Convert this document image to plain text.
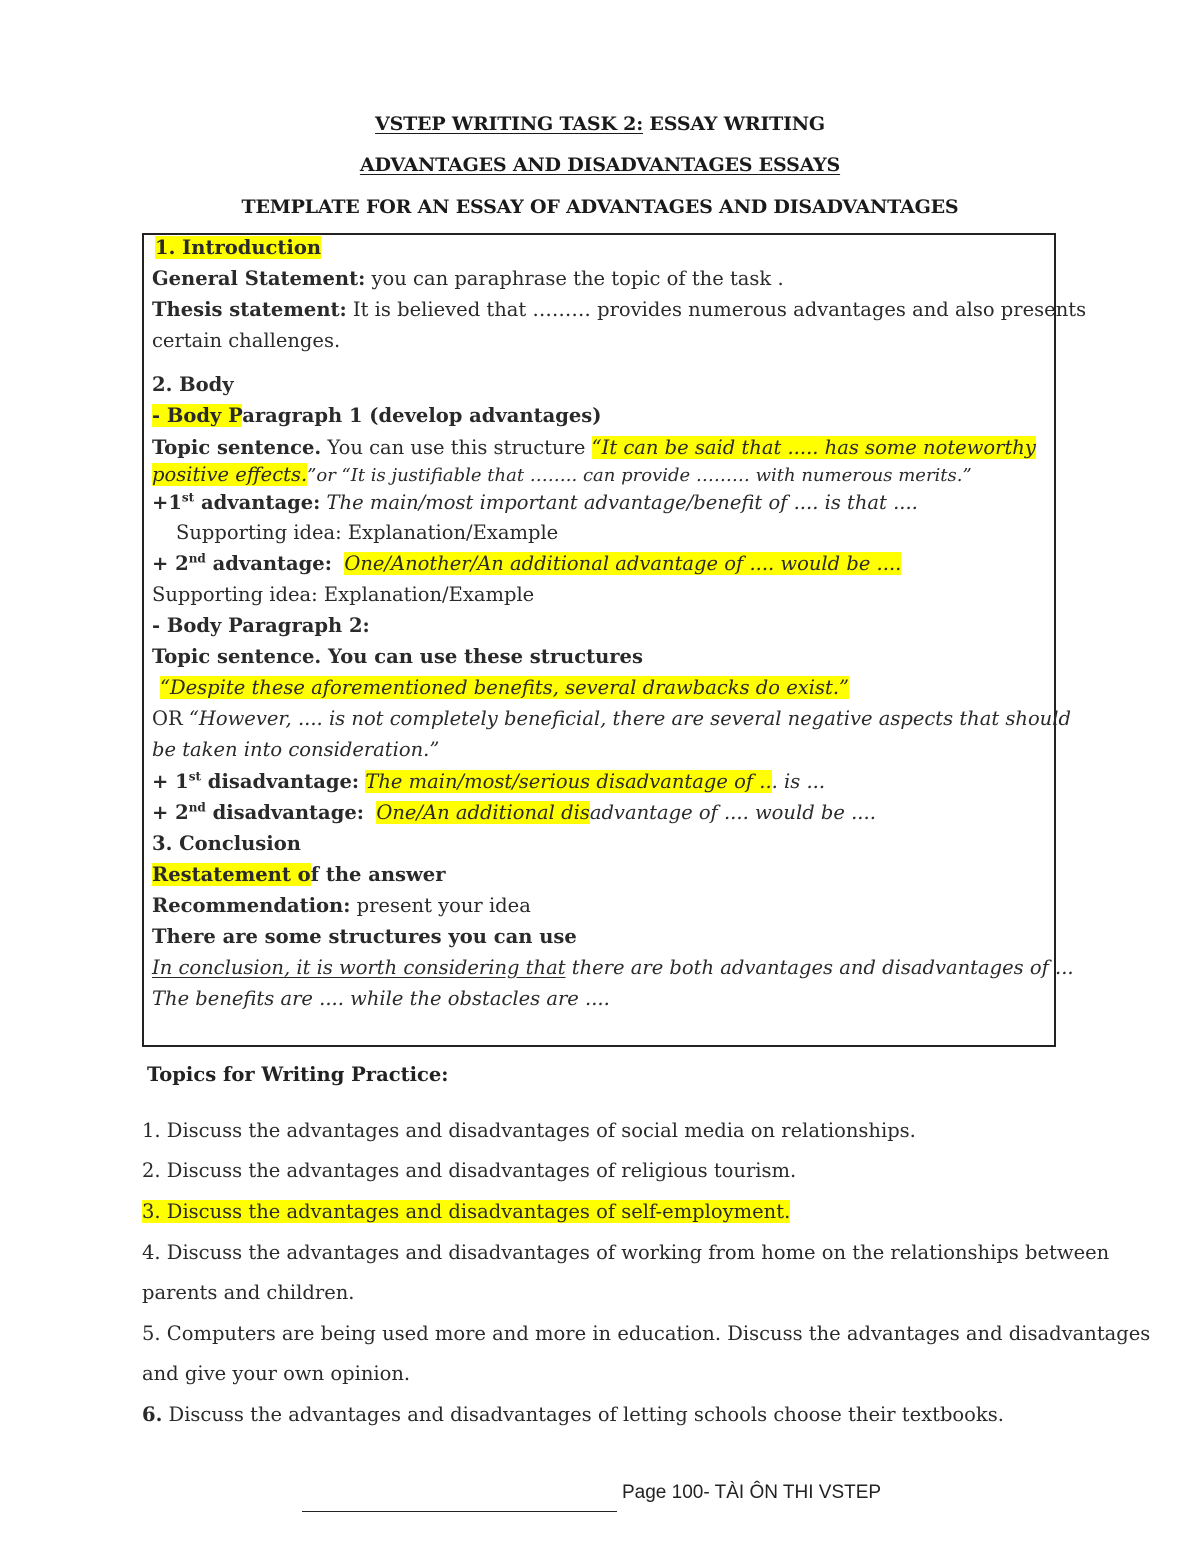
VSTEP WRITING TASK 2: ESSAY WRITING
ADVANTAGES AND DISADVANTAGES ESSAYS
TEMPLATE FOR AN ESSAY OF ADVANTAGES AND DISADVANTAGES
1. Introduction
General Statement: you can paraphrase the topic of the task .
Thesis statement: It is believed that ……… provides numerous advantages and also presents
certain challenges.
2. Body
- Body Paragraph 1 (develop advantages)
Topic sentence. You can use this structure “It can be said that ..... has some noteworthy
positive effects.”or “It is justifiable that …….. can provide ……… with numerous merits.”
+1st advantage: The main/most important advantage/benefit of .... is that ....
Supporting idea: Explanation/Example
+ 2nd advantage: One/Another/An additional advantage of .... would be ....
Supporting idea: Explanation/Example
- Body Paragraph 2:
Topic sentence. You can use these structures
“Despite these aforementioned benefits, several drawbacks do exist.”
OR “However, .... is not completely beneficial, there are several negative aspects that should
be taken into consideration.”
+ 1st disadvantage: The main/most/serious disadvantage of ... is ...
+ 2nd disadvantage: One/An additional disadvantage of .... would be ....
3. Conclusion
Restatement of the answer
Recommendation: present your idea
There are some structures you can use
In conclusion, it is worth considering that there are both advantages and disadvantages of ...
The benefits are .... while the obstacles are ....
Topics for Writing Practice:
1. Discuss the advantages and disadvantages of social media on relationships.
2. Discuss the advantages and disadvantages of religious tourism.
3. Discuss the advantages and disadvantages of self-employment.
4. Discuss the advantages and disadvantages of working from home on the relationships between
parents and children.
5. Computers are being used more and more in education. Discuss the advantages and disadvantages
and give your own opinion.
6. Discuss the advantages and disadvantages of letting schools choose their textbooks.
Page 100- TÀI ÔN THI VSTEP
